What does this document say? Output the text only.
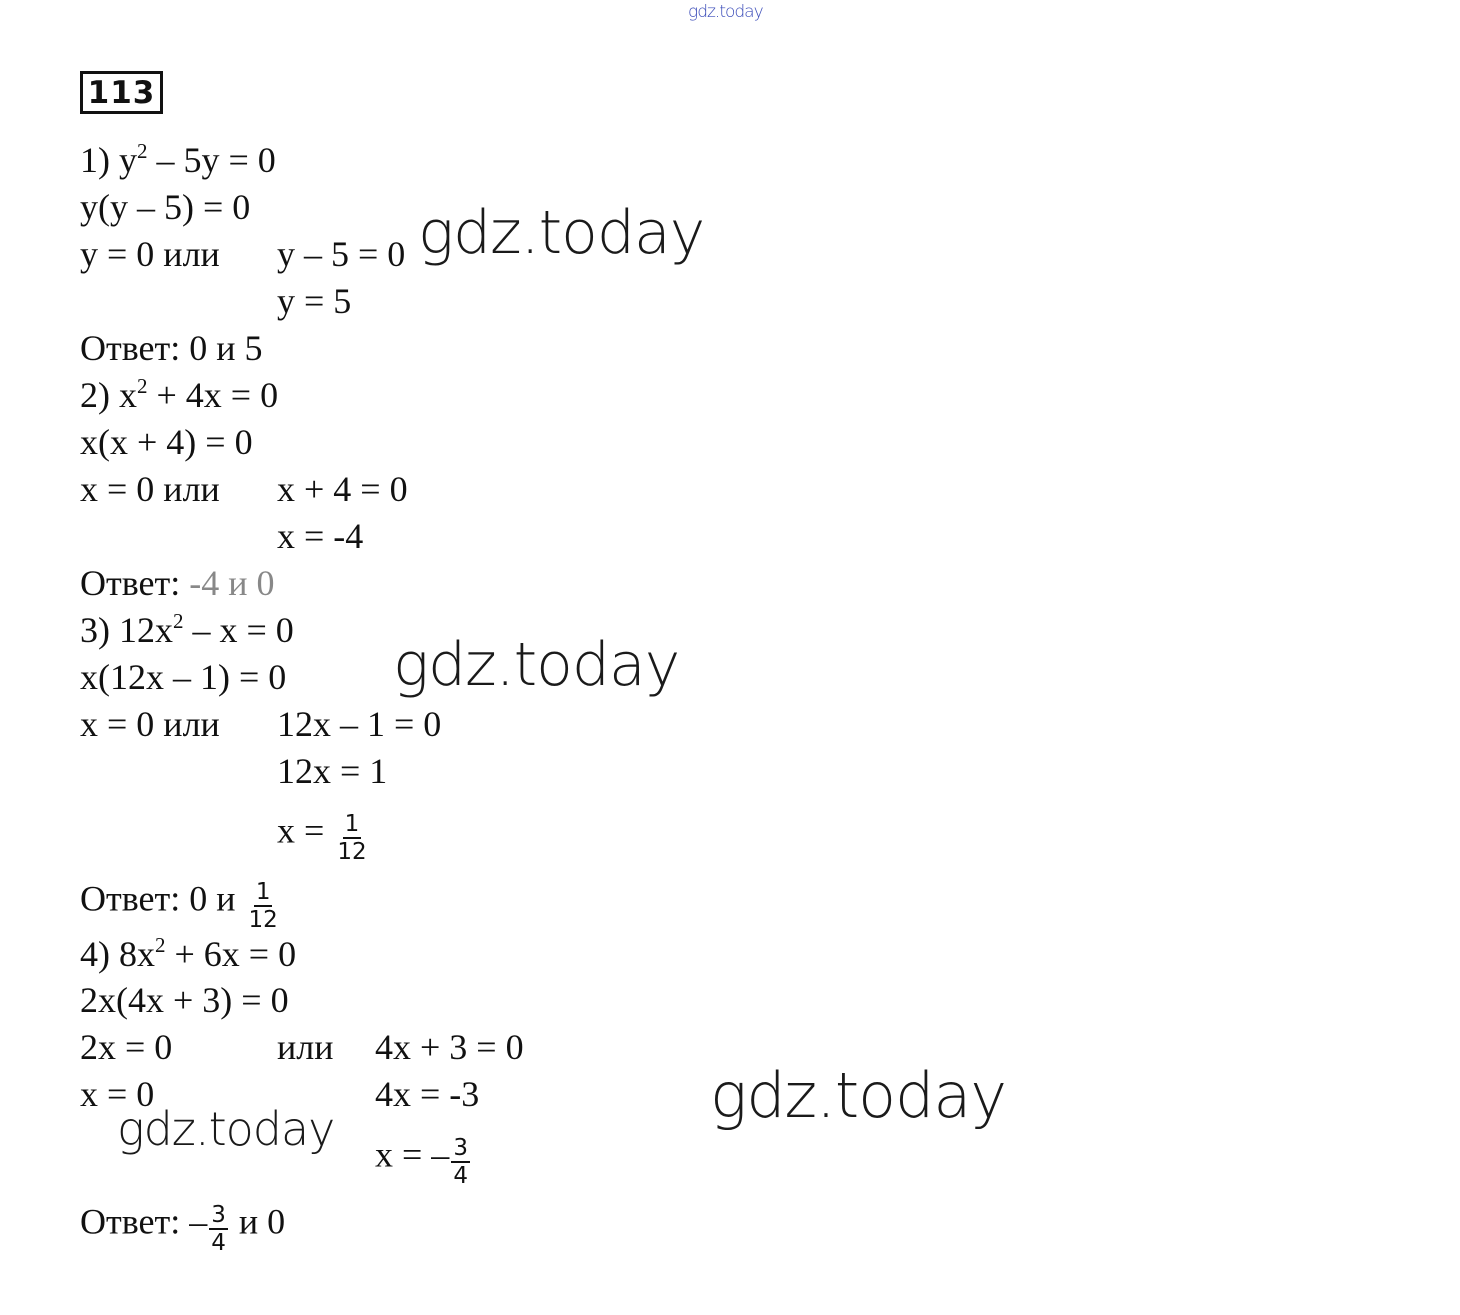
gdz.today
gdz.today
gdz.today
gdz.today
gdz.today
113
1) $y^2 - 5y = 0$
y(y – 5) = 0
y = 0 или y – 5 = 0
y = 5
Ответ: 0 и 5
2) $x^2 + 4x = 0$
x(x + 4) = 0
x = 0 или x + 4 = 0
x = -4
Ответ: -4 и 0
3) $12x^2 - x = 0$
x(12x – 1) = 0
x = 0 или 12x – 1 = 0
12x = 1
$x = \frac{1}{12}$
Ответ: 0 и $\frac{1}{12}$
4) $8x^2 + 6x = 0$
2x(4x + 3) = 0
2x = 0	или 4x + 3 = 0
x = 0	4x = -3
x = – $\frac{3}{4}$
Ответ: – $\frac{3}{4}$ и 0
